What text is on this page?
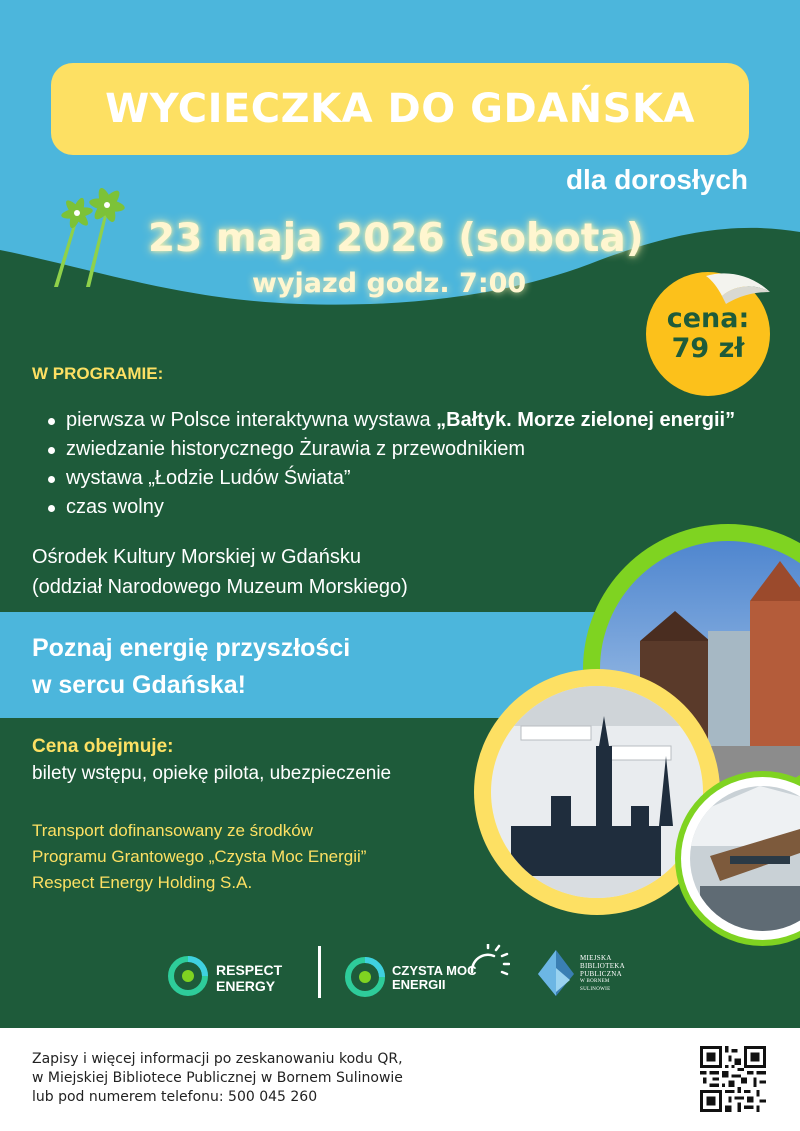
WYCIECZKA DO GDAŃSKA
dla dorosłych
23 maja 2026 (sobota)
wyjazd godz. 7:00
cena:
79 zł
W PROGRAMIE:
pierwsza w Polsce interaktywna wystawa „Bałtyk. Morze zielonej energii”
zwiedzanie historycznego Żurawia z przewodnikiem
wystawa „Łodzie Ludów Świata”
czas wolny
Ośrodek Kultury Morskiej w Gdańsku
(oddział Narodowego Muzeum Morskiego)
Poznaj energię przyszłości
w sercu Gdańska!
Cena obejmuje:
bilety wstępu, opiekę pilota, ubezpieczenie
Transport dofinansowany ze środków
Programu Grantowego „Czysta Moc Energii”
Respect Energy Holding S.A.
RESPECT
ENERGY
CZYSTA MOC
ENERGII
MIEJSKA
BIBLIOTEKA
PUBLICZNA
W BORNEM SULINOWIE
Zapisy i więcej informacji po zeskanowaniu kodu QR,
w Miejskiej Bibliotece Publicznej w Bornem Sulinowie
lub pod numerem telefonu: 500 045 260
